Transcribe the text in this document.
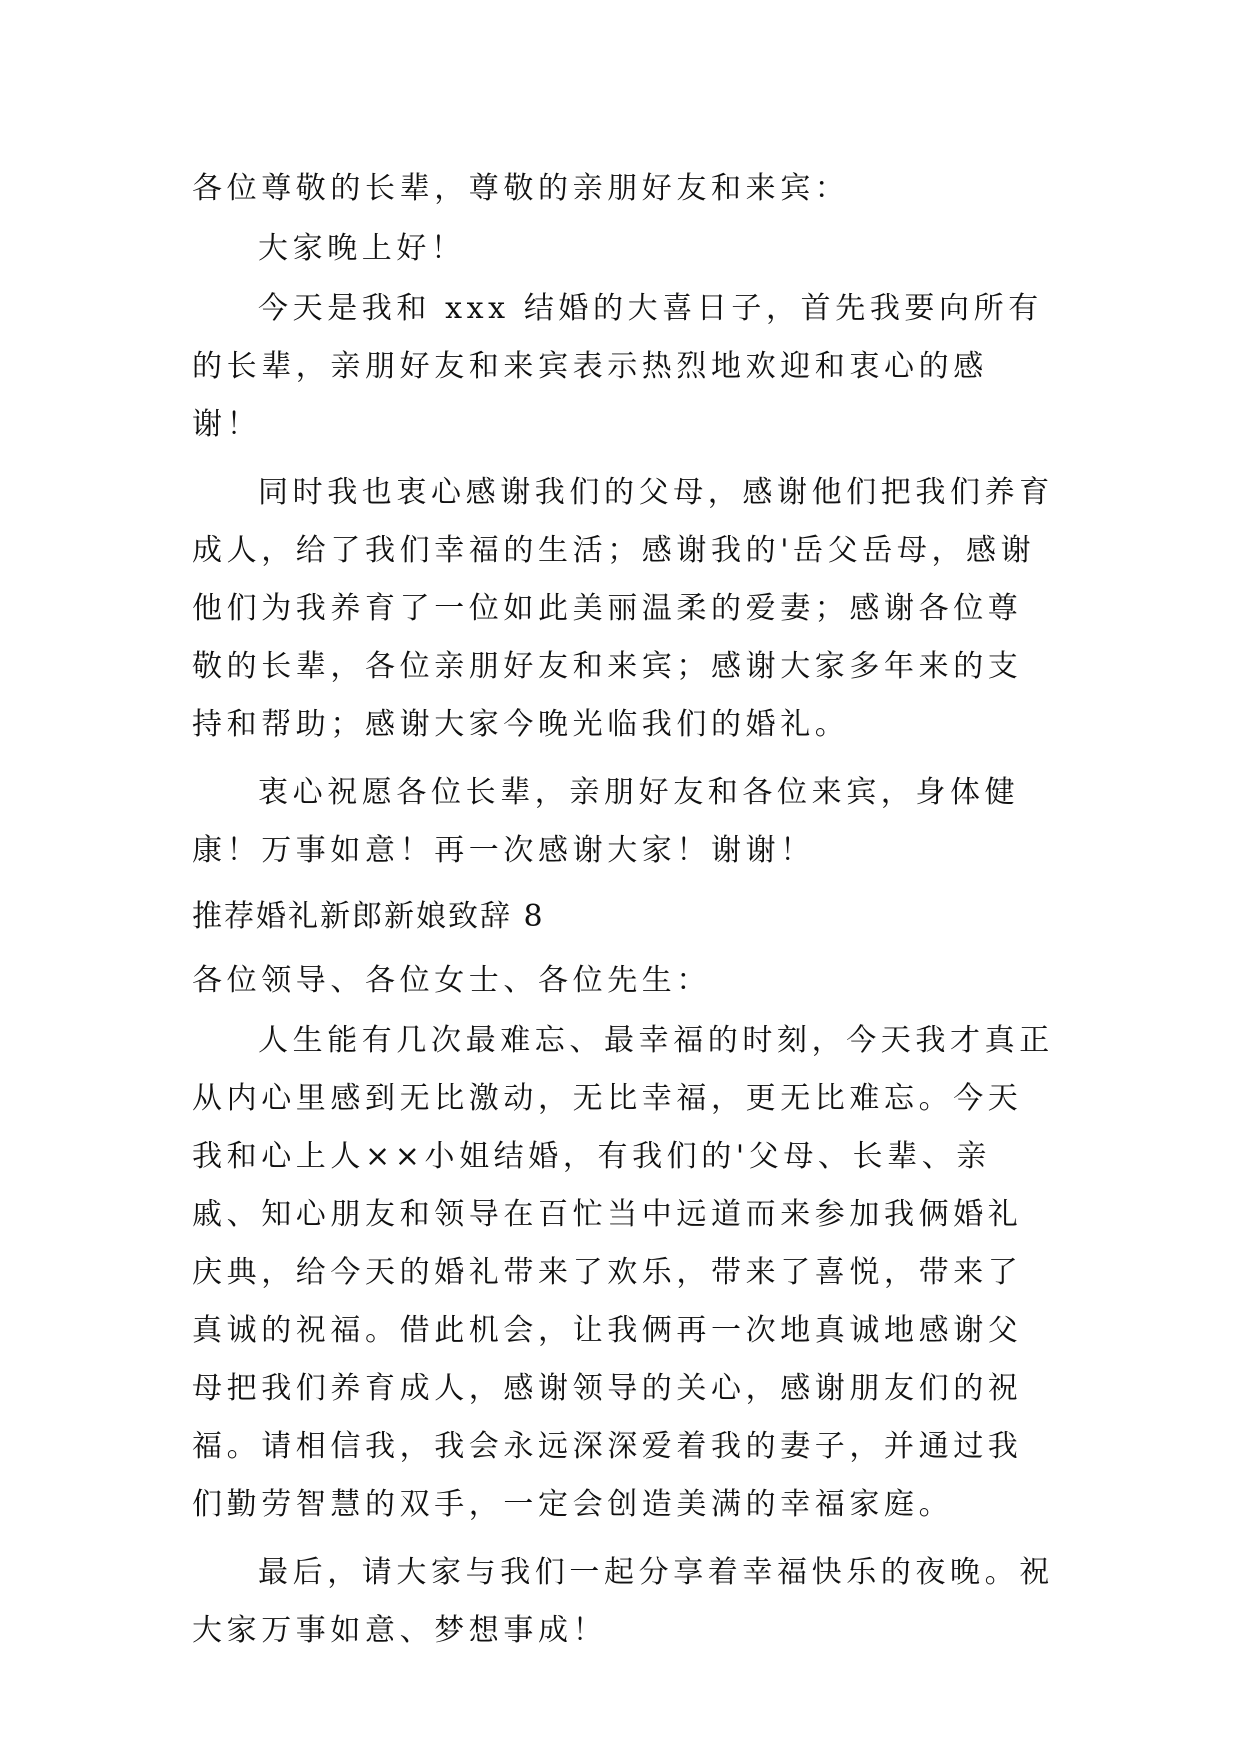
各位尊敬的长辈，尊敬的亲朋好友和来宾：

大家晚上好！

今天是我和 xxx 结婚的大喜日子，首先我要向所有的长辈，亲朋好友和来宾表示热烈地欢迎和衷心的感谢！

同时我也衷心感谢我们的父母，感谢他们把我们养育成人，给了我们幸福的生活；感谢我的'岳父岳母，感谢他们为我养育了一位如此美丽温柔的爱妻；感谢各位尊敬的长辈，各位亲朋好友和来宾；感谢大家多年来的支持和帮助；感谢大家今晚光临我们的婚礼。

衷心祝愿各位长辈，亲朋好友和各位来宾，身体健康！万事如意！再一次感谢大家！谢谢！

推荐婚礼新郎新娘致辞 8

各位领导、各位女士、各位先生：

人生能有几次最难忘、最幸福的时刻，今天我才真正从内心里感到无比激动，无比幸福，更无比难忘。今天我和心上人××小姐结婚，有我们的'父母、长辈、亲戚、知心朋友和领导在百忙当中远道而来参加我俩婚礼庆典，给今天的婚礼带来了欢乐，带来了喜悦，带来了真诚的祝福。借此机会，让我俩再一次地真诚地感谢父母把我们养育成人，感谢领导的关心，感谢朋友们的祝福。请相信我，我会永远深深爱着我的妻子，并通过我们勤劳智慧的双手，一定会创造美满的幸福家庭。

最后，请大家与我们一起分享着幸福快乐的夜晚。祝大家万事如意、梦想事成！
